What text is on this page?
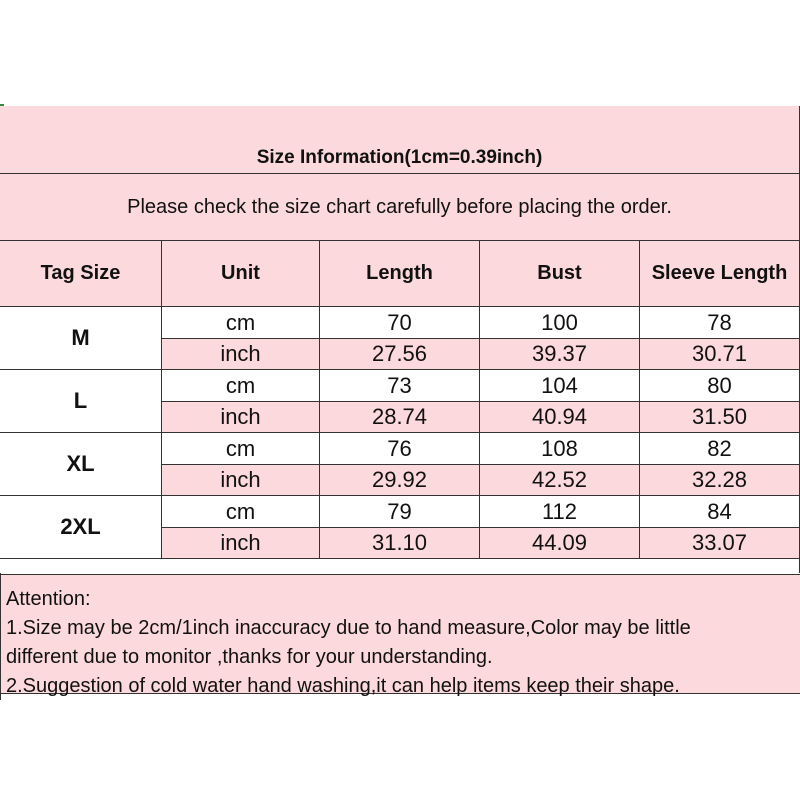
Size Information(1cm=0.39inch)
Please check the size chart carefully before placing the order.
Tag Size	Unit	Length	Bust	Sleeve Length
M
cm	70	100	78
inch	27.56	39.37	30.71
L
cm	73	104	80
inch	28.74	40.94	31.50
XL
cm	76	108	82
inch	29.92	42.52	32.28
2XL
cm	79	112	84
inch	31.10	44.09	33.07
Attention:
1.Size may be 2cm/1inch inaccuracy due to hand measure,Color may be little
different due to monitor ,thanks for your understanding.
2.Suggestion of cold water hand washing,it can help items keep their shape.
